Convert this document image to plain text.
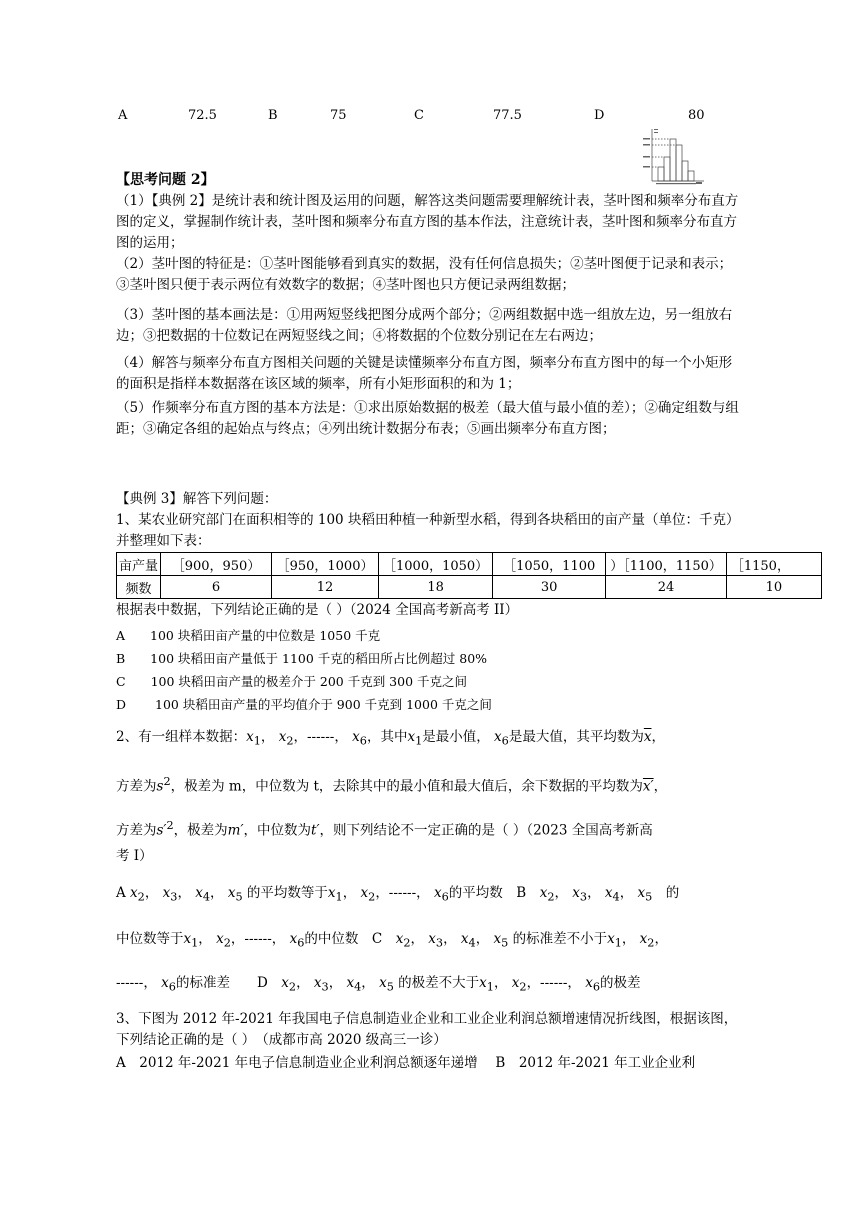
A	72.5	B	75	C	77.5	D	80
【思考问题 2】
（1）【典例 2】是统计表和统计图及运用的问题，解答这类问题需要理解统计表，茎叶图和频率分布直方图的定义，掌握制作统计表，茎叶图和频率分布直方图的基本作法，注意统计表，茎叶图和频率分布直方图的运用；
（2）茎叶图的特征是：①茎叶图能够看到真实的数据，没有任何信息损失；②茎叶图便于记录和表示；③茎叶图只便于表示两位有效数字的数据；④茎叶图也只方便记录两组数据；
（3）茎叶图的基本画法是：①用两短竖线把图分成两个部分；②两组数据中选一组放左边，另一组放右边；③把数据的十位数记在两短竖线之间；④将数据的个位数分别记在左右两边；
（4）解答与频率分布直方图相关问题的关键是读懂频率分布直方图，频率分布直方图中的每一个小矩形的面积是指样本数据落在该区域的频率，所有小矩形面积的和为 1；
（5）作频率分布直方图的基本方法是：①求出原始数据的极差（最大值与最小值的差）；②确定组数与组距；③确定各组的起始点与终点；④列出统计数据分布表；⑤画出频率分布直方图；
【典例 3】解答下列问题：
1、某农业研究部门在面积相等的 100 块稻田种植一种新型水稻，得到各块稻田的亩产量（单位：千克）并整理如下表：
亩产量	［900，950）	［950，1000）	［1000，1050）	［1050，1100	）［1100，1150）	［1150，
频数	6	12	18	30	24	10
根据表中数据，下列结论正确的是（ ）（2024 全国高考新高考 II）
A　　100 块稻田亩产量的中位数是 1050 千克
B　　100 块稻田亩产量低于 1100 千克的稻田所占比例超过 80%
C　　100 块稻田亩产量的极差介于 200 千克到 300 千克之间
D　　 100 块稻田亩产量的平均值介于 900 千克到 1000 千克之间
2、有一组样本数据：$x_1$， $x_2$，------， $x_6$，其中$x_1$是最小值， $x_6$是最大值，其平均数为$\overline{x}$，
方差为$s^2$，极差为 m，中位数为 t，去除其中的最小值和最大值后，余下数据的平均数为x′，
方差为$s'^2$，极差为m′，中位数为t′，则下列结论不一定正确的是（ ）（2023 全国高考新高
考 I）
A $x_2$， $x_3$， $x_4$， $x_5$ 的平均数等于$x_1$， $x_2$，------， $x_6$的平均数　 B　 $x_2$， $x_3$， $x_4$， $x_5$　 的
中位数等于$x_1$， $x_2$，------， $x_6$的中位数　 C　 $x_2$， $x_3$， $x_4$， $x_5$ 的标准差不小于$x_1$， $x_2$，
------， $x_6$的标准差　　 D　 $x_2$， $x_3$， $x_4$， $x_5$ 的极差不大于$x_1$， $x_2$，------， $x_6$的极差
3、下图为 2012 年-2021 年我国电子信息制造业企业和工业企业利润总额增速情况折线图，根据该图，下列结论正确的是（ ）　（成都市高 2020 级高三一诊）
A　2012 年-2021 年电子信息制造业企业利润总额逐年递增　 B　2012 年-2021 年工业企业利
